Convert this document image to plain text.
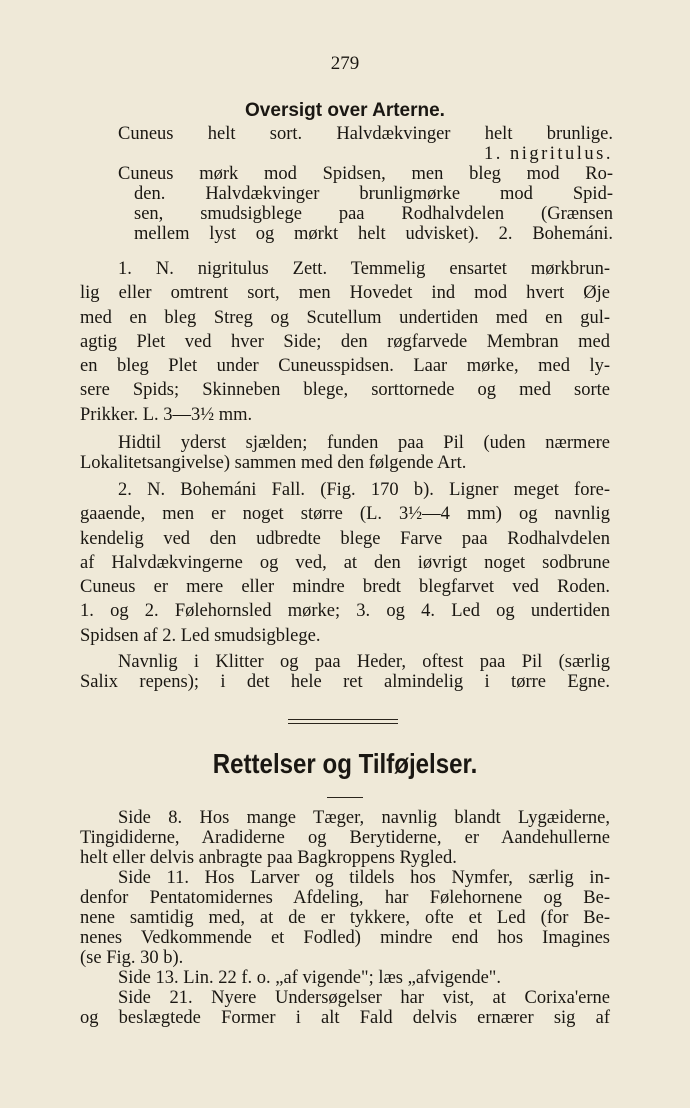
279
Oversigt over Arterne.
Cuneus helt sort. Halvdækvinger helt brunlige.
1. nigritulus.
Cuneus mørk mod Spidsen, men bleg mod Ro-
den. Halvdækvinger brunligmørke mod Spid-
sen, smudsigblege paa Rodhalvdelen (Grænsen
mellem lyst og mørkt helt udvisket). 2. Bohemáni.
1. N. nigritulus Zett. Temmelig ensartet mørkbrun-
lig eller omtrent sort, men Hovedet ind mod hvert Øje
med en bleg Streg og Scutellum undertiden med en gul-
agtig Plet ved hver Side; den røgfarvede Membran med
en bleg Plet under Cuneusspidsen. Laar mørke, med ly-
sere Spids; Skinneben blege, sorttornede og med sorte
Prikker. L. 3—3½ mm.
Hidtil yderst sjælden; funden paa Pil (uden nærmere
Lokalitetsangivelse) sammen med den følgende Art.
2. N. Bohemáni Fall. (Fig. 170 b). Ligner meget fore-
gaaende, men er noget større (L. 3½—4 mm) og navnlig
kendelig ved den udbredte blege Farve paa Rodhalvdelen
af Halvdækvingerne og ved, at den iøvrigt noget sodbrune
Cuneus er mere eller mindre bredt blegfarvet ved Roden.
1. og 2. Følehornsled mørke; 3. og 4. Led og undertiden
Spidsen af 2. Led smudsigblege.
Navnlig i Klitter og paa Heder, oftest paa Pil (særlig
Salix repens); i det hele ret almindelig i tørre Egne.
Rettelser og Tilføjelser.
Side 8. Hos mange Tæger, navnlig blandt Lygæiderne,
Tingididerne, Aradiderne og Berytiderne, er Aandehullerne
helt eller delvis anbragte paa Bagkroppens Rygled.
Side 11. Hos Larver og tildels hos Nymfer, særlig in-
denfor Pentatomidernes Afdeling, har Følehornene og Be-
nene samtidig med, at de er tykkere, ofte et Led (for Be-
nenes Vedkommende et Fodled) mindre end hos Imagines
(se Fig. 30 b).
Side 13. Lin. 22 f. o. „af vigende"; læs „afvigende".
Side 21. Nyere Undersøgelser har vist, at Corixa'erne
og beslægtede Former i alt Fald delvis ernærer sig af
